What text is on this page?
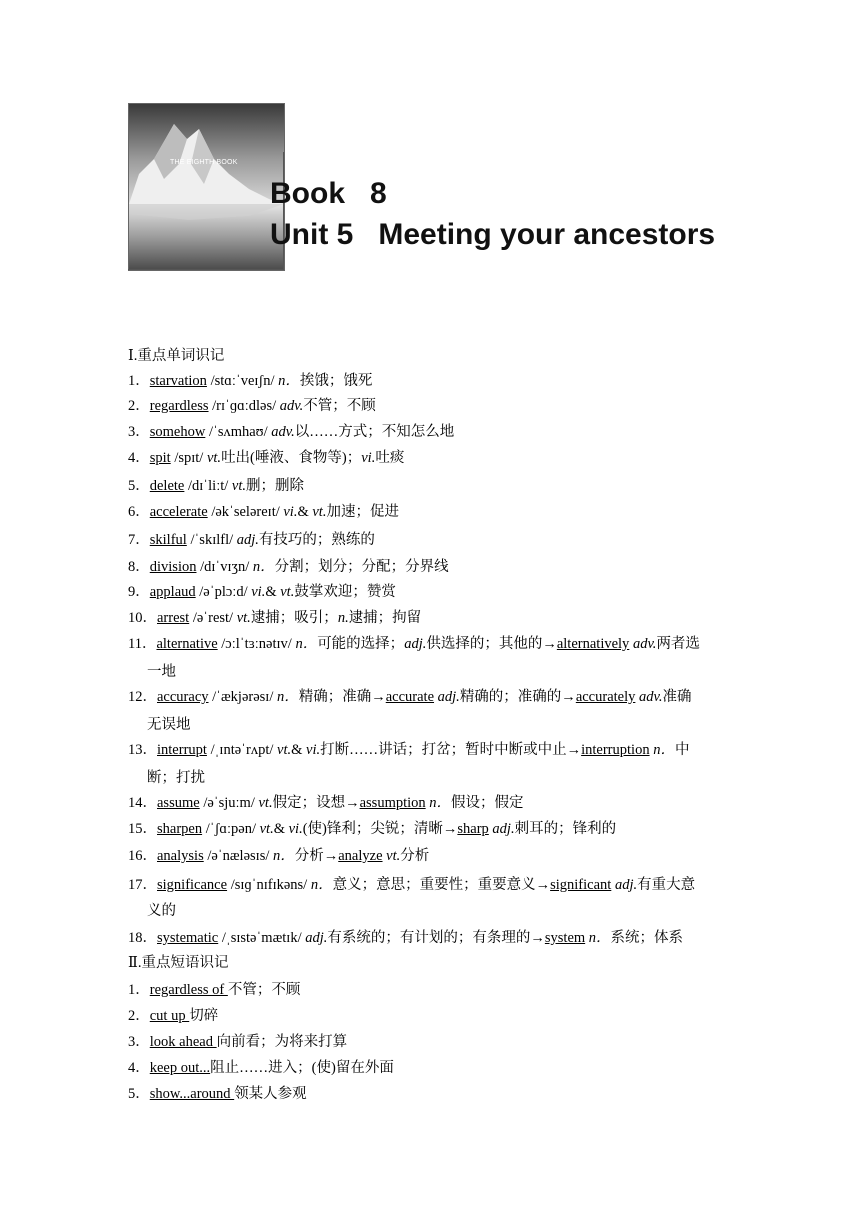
THE EIGHTH BOOK
Book   8
Unit 5   Meeting your ancestors
Ⅰ.重点单词识记
1．starvation /stɑːˈveɪʃn/ n．挨饿；饿死
2．regardless /rɪˈɡɑːdləs/ adv.不管；不顾
3．somehow /ˈsʌmhaʊ/ adv.以……方式；不知怎么地
4．spit /spɪt/ vt.吐出(唾液、食物等)；vi.吐痰
5．delete /dɪˈliːt/ vt.删；删除
6．accelerate /əkˈseləreɪt/ vi.& vt.加速；促进
7．skilful /ˈskɪlfl/ adj.有技巧的；熟练的
8．division /dɪˈvɪʒn/ n．分割；划分；分配；分界线
9．applaud /əˈplɔːd/ vi.& vt.鼓掌欢迎；赞赏
10．arrest /əˈrest/ vt.逮捕；吸引；n.逮捕；拘留
11．alternative /ɔːlˈtɜːnətɪv/ n．可能的选择；adj.供选择的；其他的→alternatively adv.两者选
一地
12．accuracy /ˈækjərəsɪ/ n．精确；准确→accurate adj.精确的；准确的→accurately adv.准确
无误地
13．interrupt /ˌɪntəˈrʌpt/ vt.& vi.打断……讲话；打岔；暂时中断或中止→interruption n．中
断；打扰
14．assume /əˈsjuːm/ vt.假定；设想→assumption n．假设；假定
15．sharpen /ˈʃɑːpən/ vt.& vi.(使)锋利；尖锐；清晰→sharp adj.刺耳的；锋利的
16．analysis /əˈnæləsɪs/ n．分析→analyze vt.分析
17．significance /sɪɡˈnɪfɪkəns/ n．意义；意思；重要性；重要意义→significant adj.有重大意
义的
18．systematic /ˌsɪstəˈmætɪk/ adj.有系统的；有计划的；有条理的→system n．系统；体系
Ⅱ.重点短语识记
1．regardless of 不管；不顾
2．cut up 切碎
3．look ahead 向前看；为将来打算
4．keep out...阻止……进入；(使)留在外面
5．show...around 领某人参观
